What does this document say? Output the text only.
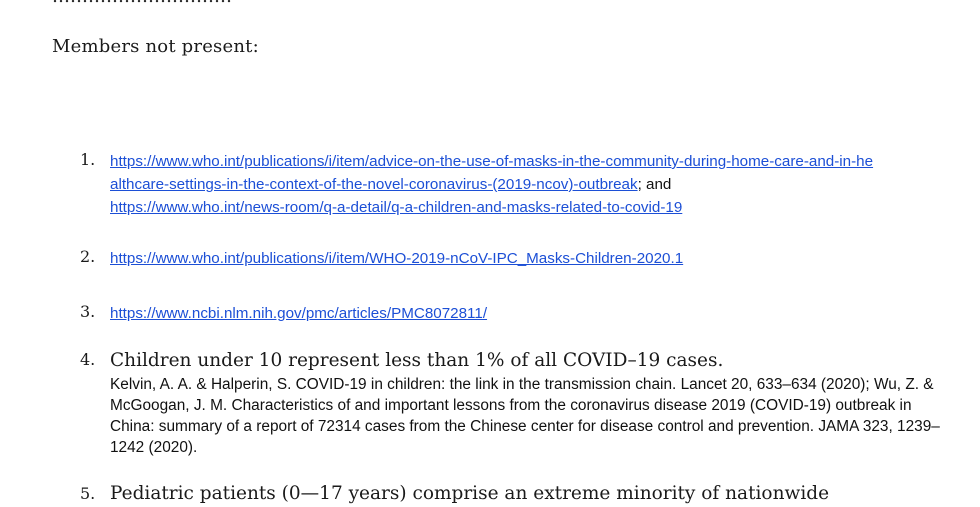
Members not present:
1. https://www.who.int/publications/i/item/advice-on-the-use-of-masks-in-the-community-during-home-care-and-in-he
althcare-settings-in-the-context-of-the-novel-coronavirus-(2019-ncov)-outbreak; and
https://www.who.int/news-room/q-a-detail/q-a-children-and-masks-related-to-covid-19
2. https://www.who.int/publications/i/item/WHO-2019-nCoV-IPC_Masks-Children-2020.1
3. https://www.ncbi.nlm.nih.gov/pmc/articles/PMC8072811/
4. Children under 10 represent less than 1% of all COVID–19 cases.
Kelvin, A. A. & Halperin, S. COVID-19 in children: the link in the transmission chain. Lancet 20, 633–634 (2020); Wu, Z. & McGoogan, J. M. Characteristics of and important lessons from the coronavirus disease 2019 (COVID-19) outbreak in China: summary of a report of 72314 cases from the Chinese center for disease control and prevention. JAMA 323, 1239–1242 (2020).
5. Pediatric patients (0—17 years) comprise an extreme minority of nationwide
